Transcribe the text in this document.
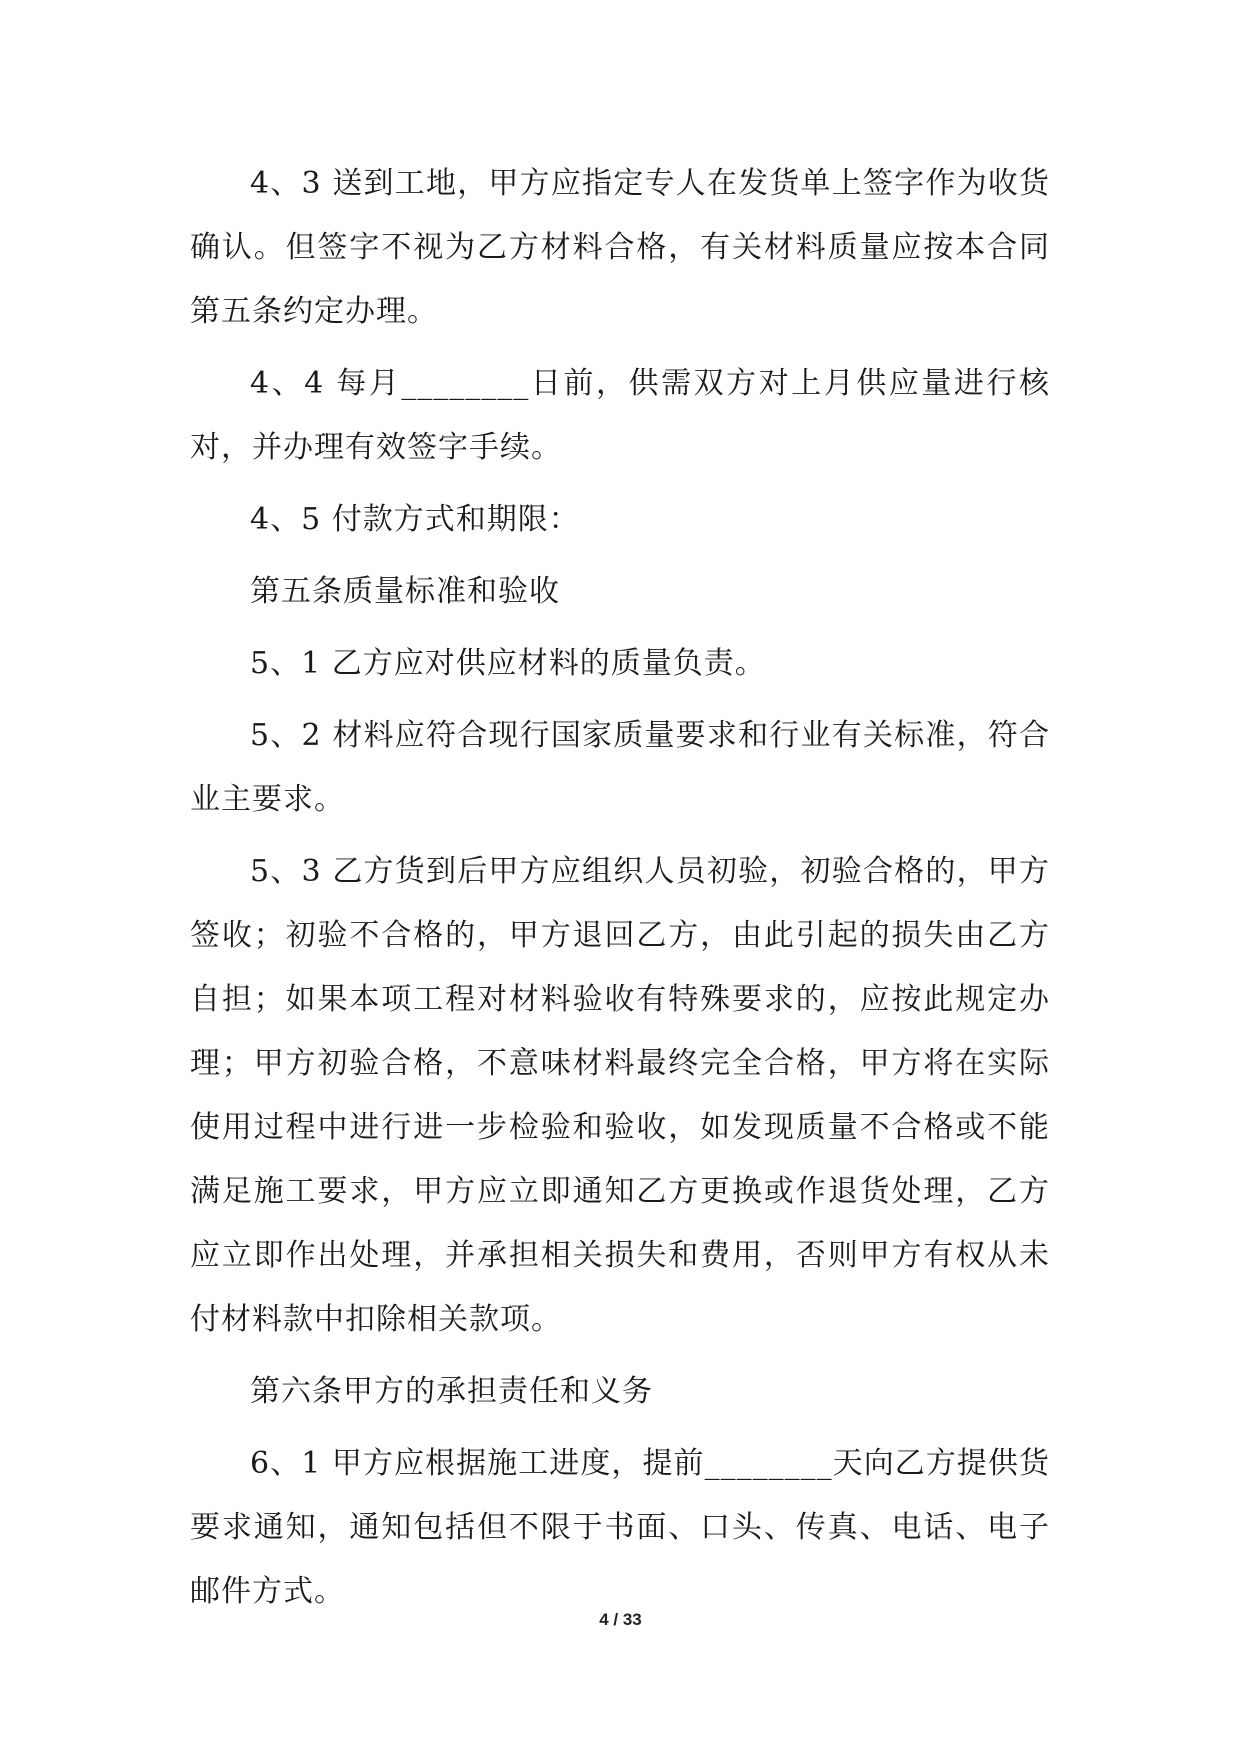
4、3 送到工地，甲方应指定专人在发货单上签字作为收货确认。但签字不视为乙方材料合格，有关材料质量应按本合同第五条约定办理。

4、4 每月________日前，供需双方对上月供应量进行核对，并办理有效签字手续。

4、5 付款方式和期限：

第五条质量标准和验收

5、1 乙方应对供应材料的质量负责。

5、2 材料应符合现行国家质量要求和行业有关标准，符合业主要求。

5、3 乙方货到后甲方应组织人员初验，初验合格的，甲方签收；初验不合格的，甲方退回乙方，由此引起的损失由乙方自担；如果本项工程对材料验收有特殊要求的，应按此规定办理；甲方初验合格，不意味材料最终完全合格，甲方将在实际使用过程中进行进一步检验和验收，如发现质量不合格或不能满足施工要求，甲方应立即通知乙方更换或作退货处理，乙方应立即作出处理，并承担相关损失和费用，否则甲方有权从未付材料款中扣除相关款项。

第六条甲方的承担责任和义务

6、1 甲方应根据施工进度，提前________天向乙方提供货要求通知，通知包括但不限于书面、口头、传真、电话、电子邮件方式。

4 / 33
